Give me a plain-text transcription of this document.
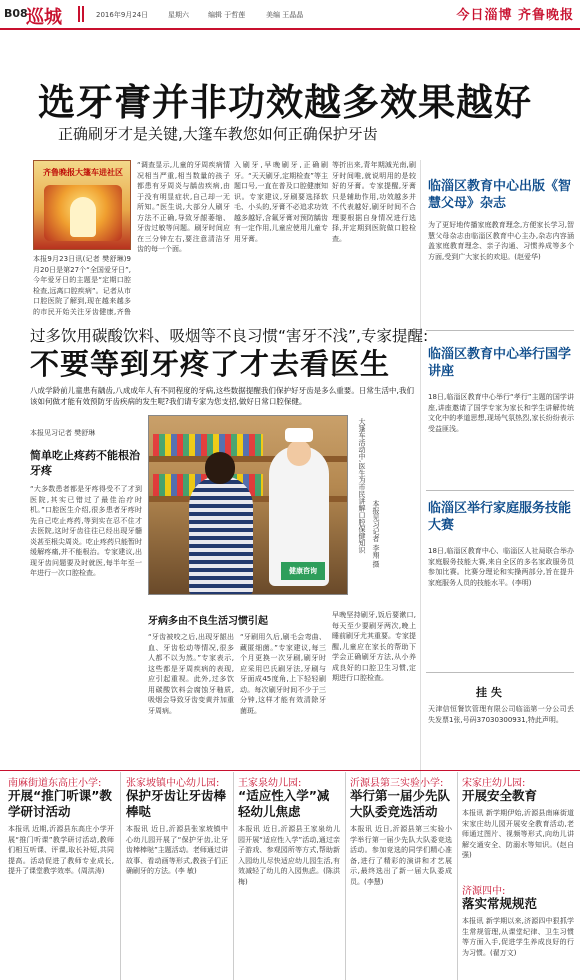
B08
巡城	2016年9月24日	星期六	编辑 于哲莲	美编 王晶晶	今日淄博 齐鲁晚报
选牙膏并非功效越多效果越好
正确刷牙才是关键,大篷车教您如何正确保护牙齿
齐鲁晚报大篷车进社区
本报9月23日讯(记者 樊舒琳)9月20日是第27个“全国爱牙日”,今年爱牙日的主题是“定期口腔检查,远离口腔疾病”。记者从市口腔医院了解到,现在越来越多的市民开始关注牙齿健康,齐鲁
“调查显示,儿童的牙周疾病情况相当严重,相当数量的孩子都患有牙周炎与龋齿疾病,由于没有明显症状,自己却一无所知。”医生说,大部分人刷牙方法不正确,导致牙龈萎缩、牙齿过敏等问题。刷牙时间应在三分钟左右,要注意清洁牙齿的每一个面。
入刷牙,早晚刷牙,正确刷牙。“天天刷牙,定期检查”等主题口号,一直在普及口腔健康知识。专家建议,牙刷要选择软毛、小头的,牙膏不必追求功效越多越好,含氟牙膏对预防龋齿有一定作用,儿童应使用儿童专用牙膏。
等折出来,青年期減光南,刷牙时间唯,就说明用的是较好的牙膏。专家提醒,牙膏只是辅助作用,功效越多并不代表越好,刷牙时间不合理要根据自身情况进行选择,并定期到医院做口腔检查。
临淄区教育中心出版《智慧父母》杂志
为了更好地传播家庭教育理念,方便家长学习,智慧父母杂志由临淄区教育中心主办,杂志内容涵盖家庭教育理念、亲子沟通、习惯养成等多个方面,受到广大家长的欢迎。(赵爱华)
临淄区教育中心举行国学讲座
18日,临淄区教育中心举行“孝行”主题的国学讲座,讲座邀请了国学专家为家长和学生讲解传统文化中的孝道思想,现场气氛热烈,家长纷纷表示受益匪浅。
临淄区举行家庭服务技能大赛
18日,临淄区教育中心、临淄区人社局联合举办家庭服务技能大赛,来自全区的多名家政服务员参加比赛。比赛分理论和实操两部分,旨在提升家庭服务人员的技能水平。(李明)
挂 失
天津信恒餐饮管理有限公司临淄第一分公司丢失发票1张,号码37030300931,特此声明。
过多饮用碳酸饮料、吸烟等不良习惯“害牙不浅”,专家提醒:
不要等到牙疼了才去看医生
八成学龄前儿童患有龋齿,八成成年人有不同程度的牙病,这些数据提醒我们保护好牙齿是多么重要。日常生活中,我们该如何做才能有效预防牙齿疾病的发生呢?我们请专家为您支招,做好日常口腔保健。
本报见习记者 樊舒琳
简单吃止疼药不能根治牙疼
“大多数患者都是牙疼得受不了才到医院,其实已错过了最佳治疗时机。”口腔医生介绍,很多患者牙疼时先自己吃止疼药,等到实在忍不住才去医院,这时牙齿往往已经出现牙髓炎甚至根尖周炎。吃止疼药只能暂时缓解疼痛,并不能根治。专家建议,出现牙齿问题要及时就医,每半年至一年进行一次口腔检查。	健康咨询
大篷车活动中,医生为市民讲解口腔保健知识 本报见习记者 李翔 摄
牙病多由不良生活习惯引起
“牙齿被咬之后,出现牙龈出血、牙齿松动等情况,很多人都不以为然。”专家表示,这些都是牙周疾病的表现,应引起重视。此外,过多饮用碳酸饮料会腐蚀牙釉质,吸烟会导致牙齿变黄并加重牙周病。
“牙刷用久后,刷毛会弯曲、藏匿细菌。”专家建议,每三个月更换一次牙刷,刷牙时应采用巴氏刷牙法,牙刷与牙面成45度角,上下轻轻刷动。每次刷牙时间不少于三分钟,这样才能有效清除牙菌斑。
早晚坚持刷牙,饭后要漱口,每天至少要刷牙两次,晚上睡前刷牙尤其重要。专家提醒,儿童应在家长的帮助下学会正确刷牙方法,从小养成良好的口腔卫生习惯,定期进行口腔检查。
南麻街道东高庄小学:
开展“推门听课”教学研讨活动
本报讯 近期,沂源县东高庄小学开展“推门听课”教学研讨活动,教师们相互听课、评课,取长补短,共同提高。活动促进了教师专业成长,提升了课堂教学效率。(周洪涛)
张家坡镇中心幼儿园:
保护牙齿让牙齿棒棒哒
本报讯 近日,沂源县张家坡镇中心幼儿园开展了“保护牙齿,让牙齿棒棒哒”主题活动。老师通过讲故事、看动画等形式,教孩子们正确刷牙的方法。(李 敏)
王家泉幼儿园:
“适应性入学”减轻幼儿焦虑
本报讯 近日,沂源县王家泉幼儿园开展“适应性入学”活动,通过亲子游戏、参观园所等方式,帮助新入园幼儿尽快适应幼儿园生活,有效减轻了幼儿的入园焦虑。(陈洪梅)
沂源县第三实验小学:
举行第一届少先队大队委竞选活动
本报讯 近日,沂源县第三实验小学举行第一届少先队大队委竞选活动。参加竞选的同学们精心准备,进行了精彩的演讲和才艺展示,最终选出了新一届大队委成员。(李慧)
宋家庄幼儿园:
开展安全教育
本报讯 新学期伊始,沂源县南麻街道宋家庄幼儿园开展安全教育活动,老师通过图片、视频等形式,向幼儿讲解交通安全、防溺水等知识。(赵自强)
济源四中:
落实常规规范
本报讯 新学期以来,济源四中狠抓学生常规管理,从课堂纪律、卫生习惯等方面入手,促进学生养成良好的行为习惯。(翟万文)
